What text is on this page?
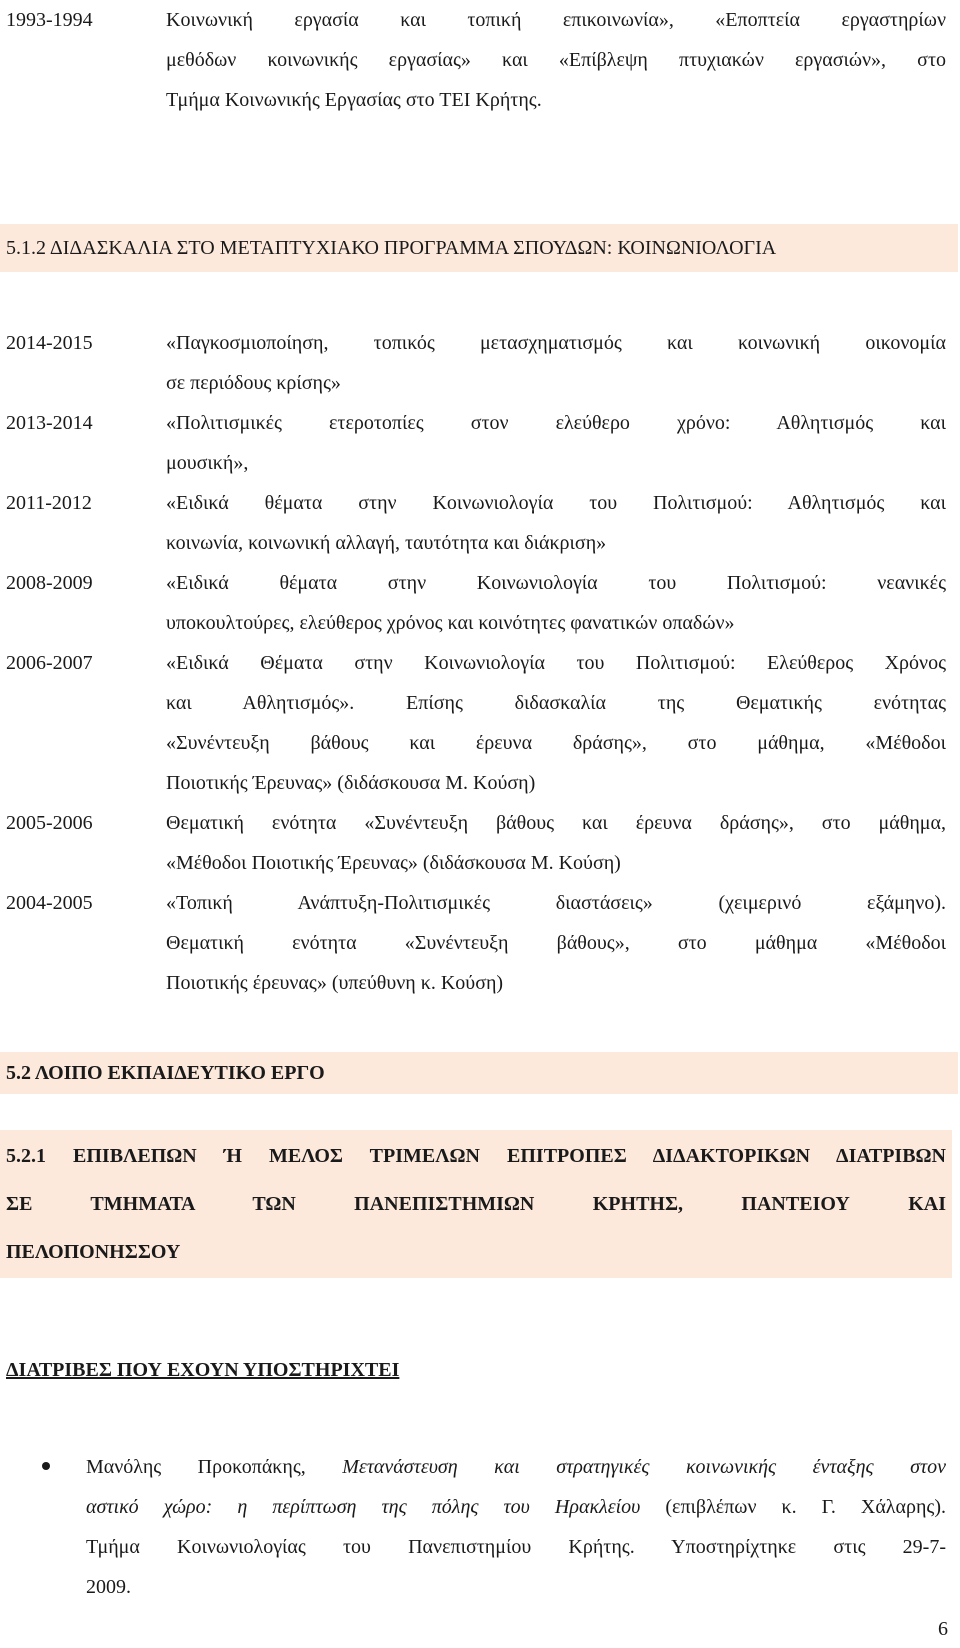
1993-1994	Κοινωνική εργασία και τοπική επικοινωνία», «Εποπτεία εργαστηρίων
μεθόδων κοινωνικής εργασίας» και «Επίβλεψη πτυχιακών εργασιών», στο
Τμήμα Κοινωνικής Εργασίας στο ΤΕΙ Κρήτης.
5.1.2 ΔΙΔΑΣΚΑΛΙΑ ΣΤΟ ΜΕΤΑΠΤΥΧΙΑΚΟ ΠΡΟΓΡΑΜΜΑ ΣΠΟΥΔΩΝ: ΚΟΙΝΩΝΙΟΛΟΓΙΑ
2014-2015	«Παγκοσμιοποίηση, τοπικός μετασχηματισμός και κοινωνική οικονομία
σε περιόδους κρίσης»
2013-2014	«Πολιτισμικές ετεροτοπίες στον ελεύθερο χρόνο: Αθλητισμός και
μουσική»,
2011-2012	«Ειδικά θέματα στην Κοινωνιολογία του Πολιτισμού: Αθλητισμός και
κοινωνία, κοινωνική αλλαγή, ταυτότητα και διάκριση»
2008-2009	«Ειδικά θέματα στην Κοινωνιολογία του Πολιτισμού: νεανικές
υποκουλτούρες, ελεύθερος χρόνος και κοινότητες φανατικών οπαδών»
2006-2007	«Ειδικά Θέματα στην Κοινωνιολογία του Πολιτισμού: Ελεύθερος Χρόνος
και Αθλητισμός». Επίσης διδασκαλία της Θεματικής ενότητας
«Συνέντευξη βάθους και έρευνα δράσης», στο μάθημα, «Μέθοδοι
Ποιοτικής Έρευνας» (διδάσκουσα Μ. Κούση)
2005-2006	Θεματική ενότητα «Συνέντευξη βάθους και έρευνα δράσης», στο μάθημα,
«Μέθοδοι Ποιοτικής Έρευνας» (διδάσκουσα Μ. Κούση)
2004-2005	«Τοπική Ανάπτυξη-Πολιτισμικές διαστάσεις» (χειμερινό εξάμηνο).
Θεματική ενότητα «Συνέντευξη βάθους», στο μάθημα «Μέθοδοι
Ποιοτικής έρευνας» (υπεύθυνη κ. Κούση)
5.2 ΛΟΙΠΟ ΕΚΠΑΙΔΕΥΤΙΚΟ ΕΡΓΟ
5.2.1 ΕΠΙΒΛΕΠΩΝ Ή ΜΕΛΟΣ ΤΡΙΜΕΛΩΝ ΕΠΙΤΡΟΠΕΣ ΔΙΔΑΚΤΟΡΙΚΩΝ ΔΙΑΤΡΙΒΩΝ
ΣΕ ΤΜΗΜΑΤΑ ΤΩΝ ΠΑΝΕΠΙΣΤΗΜΙΩΝ ΚΡΗΤΗΣ, ΠΑΝΤΕΙΟΥ ΚΑΙ
ΠΕΛΟΠΟΝΗΣΣΟΥ
ΔΙΑΤΡΙΒΕΣ ΠΟΥ ΕΧΟΥΝ ΥΠΟΣΤΗΡΙΧΤΕΙ
Μανόλης Προκοπάκης, Μετανάστευση και στρατηγικές κοινωνικής ένταξης στον
αστικό χώρο: η περίπτωση της πόλης του Ηρακλείου (επιβλέπων κ. Γ. Χάλαρης).
Τμήμα Κοινωνιολογίας του Πανεπιστημίου Κρήτης. Υποστηρίχτηκε στις 29-7-
2009.
6
